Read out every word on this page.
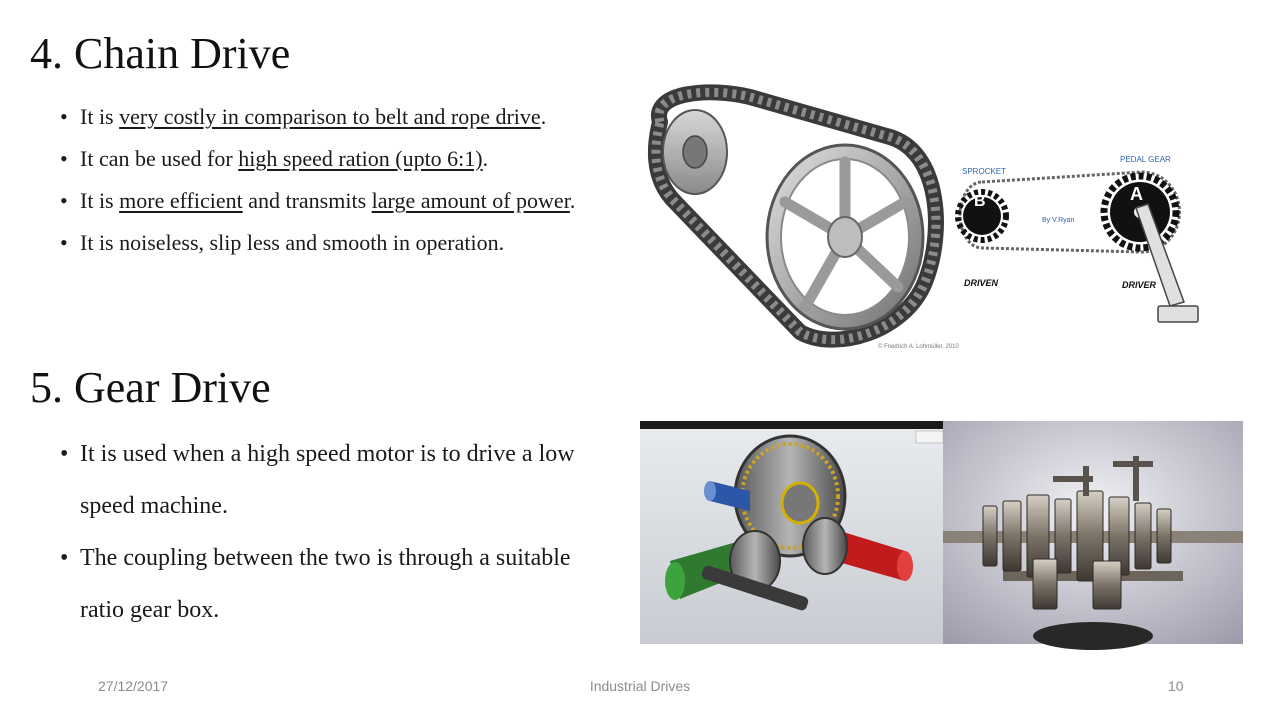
4. Chain Drive
• It is very costly in comparison to belt and rope drive.
• It can be used for high speed ration (upto 6:1).
• It is more efficient and transmits large amount of power.
• It is noiseless, slip less and smooth in operation.
5. Gear Drive
• It is used when a high speed motor is to drive a low speed machine.
• The coupling between the two is through a suitable ratio gear box.
© Friedrich A. Lohmüller, 2010
B	A
SPROCKET
PEDAL GEAR
By V.Ryan
DRIVEN	DRIVER
27/12/2017	Industrial Drives	10
